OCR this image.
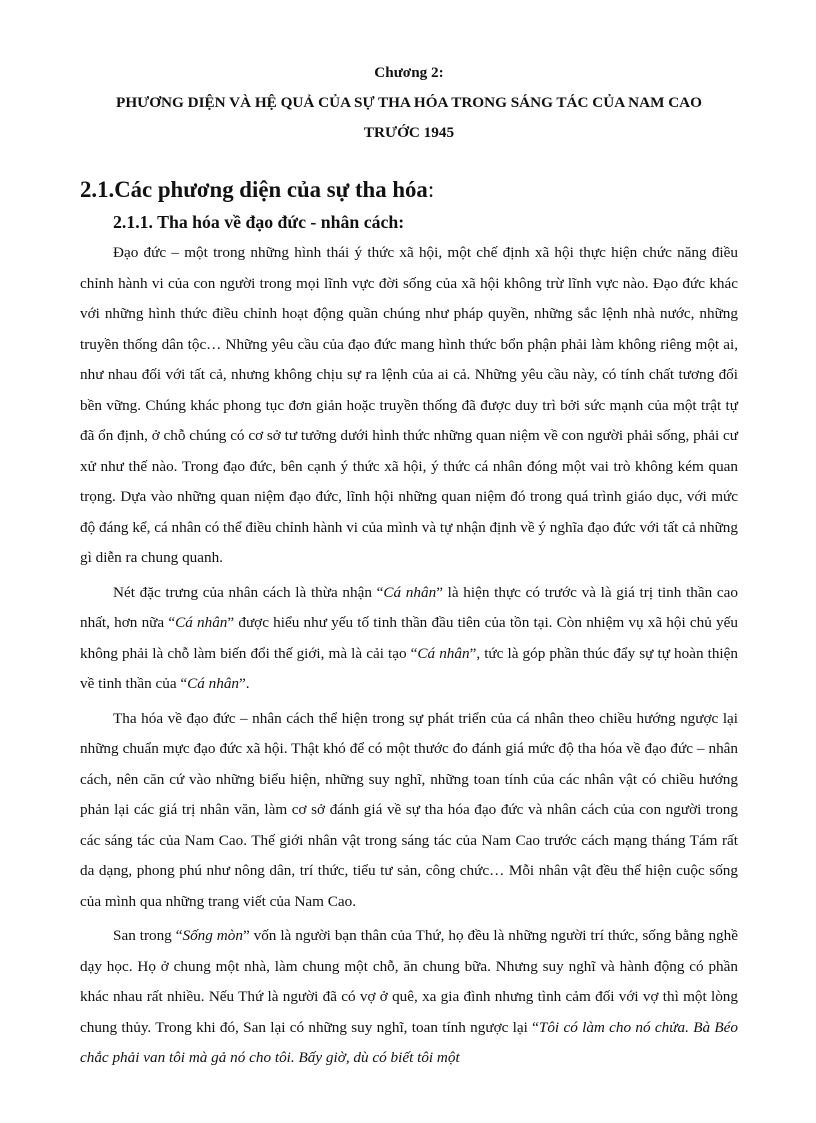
Chương 2:
PHƯƠNG DIỆN VÀ HỆ QUẢ CỦA SỰ THA HÓA TRONG SÁNG TÁC CỦA NAM CAO
TRƯỚC 1945
2.1.Các phương diện của sự tha hóa:
2.1.1. Tha hóa về đạo đức - nhân cách:

Đạo đức – một trong những hình thái ý thức xã hội, một chế định xã hội thực hiện chức năng điều chỉnh hành vi của con người trong mọi lĩnh vực đời sống của xã hội không trừ lĩnh vực nào. Đạo đức khác với những hình thức điều chỉnh hoạt động quần chúng như pháp quyền, những sắc lệnh nhà nước, những truyền thống dân tộc… Những yêu cầu của đạo đức mang hình thức bổn phận phải làm không riêng một ai, như nhau đối với tất cả, nhưng không chịu sự ra lệnh của ai cả. Những yêu cầu này, có tính chất tương đối bền vững. Chúng khác phong tục đơn giản hoặc truyền thống đã được duy trì bởi sức mạnh của một trật tự đã ổn định, ở chỗ chúng có cơ sở tư tưởng dưới hình thức những quan niệm về con người phải sống, phải cư xử như thế nào. Trong đạo đức, bên cạnh ý thức xã hội, ý thức cá nhân đóng một vai trò không kém quan trọng. Dựa vào những quan niệm đạo đức, lĩnh hội những quan niệm đó trong quá trình giáo dục, với mức độ đáng kể, cá nhân có thể điều chỉnh hành vi của mình và tự nhận định về ý nghĩa đạo đức với tất cả những gì diễn ra chung quanh.

Nét đặc trưng của nhân cách là thừa nhận “Cá nhân” là hiện thực có trước và là giá trị tinh thần cao nhất, hơn nữa “Cá nhân” được hiểu như yếu tố tinh thần đầu tiên của tồn tại. Còn nhiệm vụ xã hội chủ yếu không phải là chỗ làm biến đổi thế giới, mà là cải tạo “Cá nhân”, tức là góp phần thúc đẩy sự tự hoàn thiện về tinh thần của “Cá nhân”.

Tha hóa về đạo đức – nhân cách thể hiện trong sự phát triển của cá nhân theo chiều hướng ngược lại những chuẩn mực đạo đức xã hội. Thật khó để có một thước đo đánh giá mức độ tha hóa về đạo đức – nhân cách, nên căn cứ vào những biểu hiện, những suy nghĩ, những toan tính của các nhân vật có chiều hướng phản lại các giá trị nhân văn, làm cơ sở đánh giá về sự tha hóa đạo đức và nhân cách của con người trong các sáng tác của Nam Cao. Thế giới nhân vật trong sáng tác của Nam Cao trước cách mạng tháng Tám rất da dạng, phong phú như nông dân, trí thức, tiểu tư sản, công chức… Mỗi nhân vật đều thể hiện cuộc sống của mình qua những trang viết của Nam Cao.

San trong “Sống mòn” vốn là người bạn thân của Thứ, họ đều là những người trí thức, sống bằng nghề dạy học. Họ ở chung một nhà, làm chung một chỗ, ăn chung bữa. Nhưng suy nghĩ và hành động có phần khác nhau rất nhiều. Nếu Thứ là người đã có vợ ở quê, xa gia đình nhưng tình cảm đối với vợ thì một lòng chung thủy. Trong khi đó, San lại có những suy nghĩ, toan tính ngược lại “Tôi có làm cho nó chửa. Bà Béo chắc phải van tôi mà gả nó cho tôi. Bấy giờ, dù có biết tôi một
